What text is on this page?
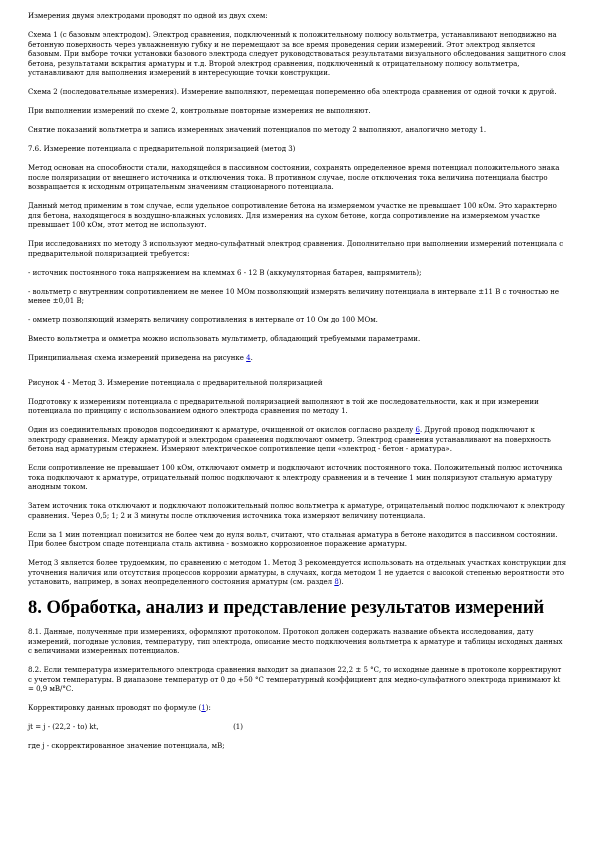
Измерения двумя электродами проводят по одной из двух схем:

Схема 1 (с базовым электродом). Электрод сравнения, подключенный к положительному полюсу вольтметра, устанавливают неподвижно на бетонную поверхность через увлажненную губку и не перемещают за все время проведения серии измерений. Этот электрод является базовым. При выборе точки установки базового электрода следует руководствоваться результатами визуального обследования защитного слоя бетона, результатами вскрытия арматуры и т.д. Второй электрод сравнения, подключенный к отрицательному полюсу вольтметра, устанавливают для выполнения измерений в интересующие точки конструкции.

Схема 2 (последовательные измерения). Измерение выполняют, перемещая попеременно оба электрода сравнения от одной точки к другой.

При выполнении измерений по схеме 2, контрольные повторные измерения не выполняют.

Снятие показаний вольтметра и запись измеренных значений потенциалов по методу 2 выполняют, аналогично методу 1.

7.6. Измерение потенциала с предварительной поляризацией (метод 3)

Метод основан на способности стали, находящейся в пассивном состоянии, сохранять определенное время потенциал положительного знака после поляризации от внешнего источника и отключения тока. В противном случае, после отключения тока величина потенциала быстро возвращается к исходным отрицательным значениям стационарного потенциала.

Данный метод применим в том случае, если удельное сопротивление бетона на измеряемом участке не превышает 100 кОм. Это характерно для бетона, находящегося в воздушно-влажных условиях. Для измерения на сухом бетоне, когда сопротивление на измеряемом участке превышает 100 кОм, этот метод не используют.

При исследованиях по методу 3 используют медно-сульфатный электрод сравнения. Дополнительно при выполнении измерений потенциала с предварительной поляризацией требуется:

- источник постоянного тока напряжением на клеммах 6 - 12 В (аккумуляторная батарея, выпрямитель);

- вольтметр с внутренним сопротивлением не менее 10 МОм позволяющий измерять величину потенциала в интервале ±11 В с точностью не менее ±0,01 В;

- омметр позволяющий измерять величину сопротивления в интервале от 10 Ом до 100 МОм.

Вместо вольтметра и омметра можно использовать мультиметр, обладающий требуемыми параметрами.

Принципиальная схема измерений приведена на рисунке 4.

Рисунок 4 - Метод 3. Измерение потенциала с предварительной поляризацией

Подготовку к измерениям потенциала с предварительной поляризацией выполняют в той же последовательности, как и при измерении потенциала по принципу с использованием одного электрода сравнения по методу 1.

Один из соединительных проводов подсоединяют к арматуре, очищенной от окислов согласно разделу 6. Другой провод подключают к электроду сравнения. Между арматурой и электродом сравнения подключают омметр. Электрод сравнения устанавливают на поверхность бетона над арматурным стержнем. Измеряют электрическое сопротивление цепи «электрод - бетон - арматура».

Если сопротивление не превышает 100 кОм, отключают омметр и подключают источник постоянного тока. Положительный полюс источника тока подключают к арматуре, отрицательный полюс подключают к электроду сравнения и в течение 1 мин поляризуют стальную арматуру анодным током.

Затем источник тока отключают и подключают положительный полюс вольтметра к арматуре, отрицательный полюс подключают к электроду сравнения. Через 0,5; 1; 2 и 3 минуты после отключения источника тока измеряют величину потенциала.

Если за 1 мин потенциал понизится не более чем до нуля вольт, считают, что стальная арматура в бетоне находится в пассивном состоянии. При более быстром спаде потенциала сталь активна - возможно коррозионное поражение арматуры.

Метод 3 является более трудоемким, по сравнению с методом 1. Метод 3 рекомендуется использовать на отдельных участках конструкции для уточнения наличия или отсутствия процессов коррозии арматуры, в случаях, когда методом 1 не удается с высокой степенью вероятности это установить, например, в зонах неопределенного состояния арматуры (см. раздел 8).

8. Обработка, анализ и представление результатов измерений

8.1. Данные, полученные при измерениях, оформляют протоколом. Протокол должен содержать название объекта исследования, дату измерений, погодные условия, температуру, тип электрода, описание место подключения вольтметра к арматуре и таблицы исходных данных с величинами измеренных потенциалов.

8.2. Если температура измерительного электрода сравнения выходит за диапазон 22,2 ± 5 °С, то исходные данные в протоколе корректируют с учетом температуры. В диапазоне температур от 0 до +50 °С температурный коэффициент для медно-сульфатного электрода принимают kt = 0,9 мВ/°С.

Корректировку данных проводят по формуле (1):

jt = j - (22,2 - to) kt,	(1)

где j - скорректированное значение потенциала, мВ;
